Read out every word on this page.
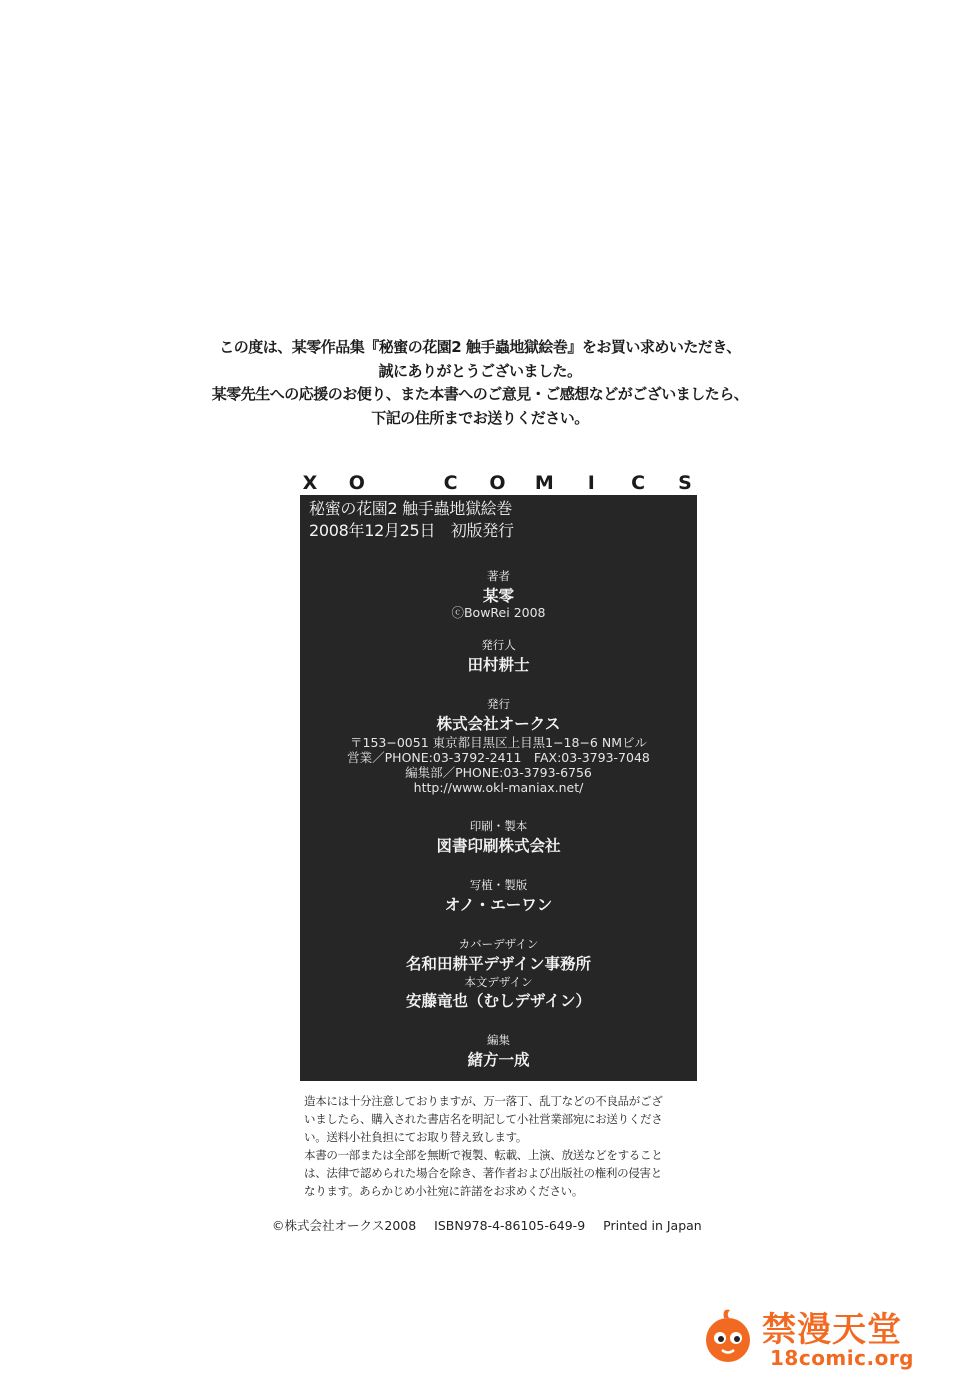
この度は、某零作品集『秘蜜の花園2 触手蟲地獄絵巻』をお買い求めいただき、
誠にありがとうございました。
某零先生への応援のお便り、また本書へのご意見・ご感想などがございましたら、
下記の住所までお送りください。
X O	C O M	I	C S
秘蜜の花園2 触手蟲地獄絵巻
2008年12月25日　初版発行
著者
某零
ⓒBowRei 2008
発行人
田村耕士
発行
株式会社オークス
〒153−0051 東京都目黒区上目黒1−18−6 NMビル
営業／PHONE:03-3792-2411　FAX:03-3793-7048
編集部／PHONE:03-3793-6756
http://www.okl-maniax.net/
印刷・製本
図書印刷株式会社
写植・製版
オノ・エーワン
カバーデザイン
名和田耕平デザイン事務所
本文デザイン
安藤竜也（むしデザイン）
編集
緒方一成
造本には十分注意しておりますが、万一落丁、乱丁などの不良品がござ
いましたら、購入された書店名を明記して小社営業部宛にお送りくださ
い。送料小社負担にてお取り替え致します。
本書の一部または全部を無断で複製、転載、上演、放送などをすること
は、法律で認められた場合を除き、著作者および出版社の権利の侵害と
なります。あらかじめ小社宛に許諾をお求めください。
©株式会社オークス2008 ISBN978-4-86105-649-9 Printed in Japan
禁漫天堂
18comic.org
